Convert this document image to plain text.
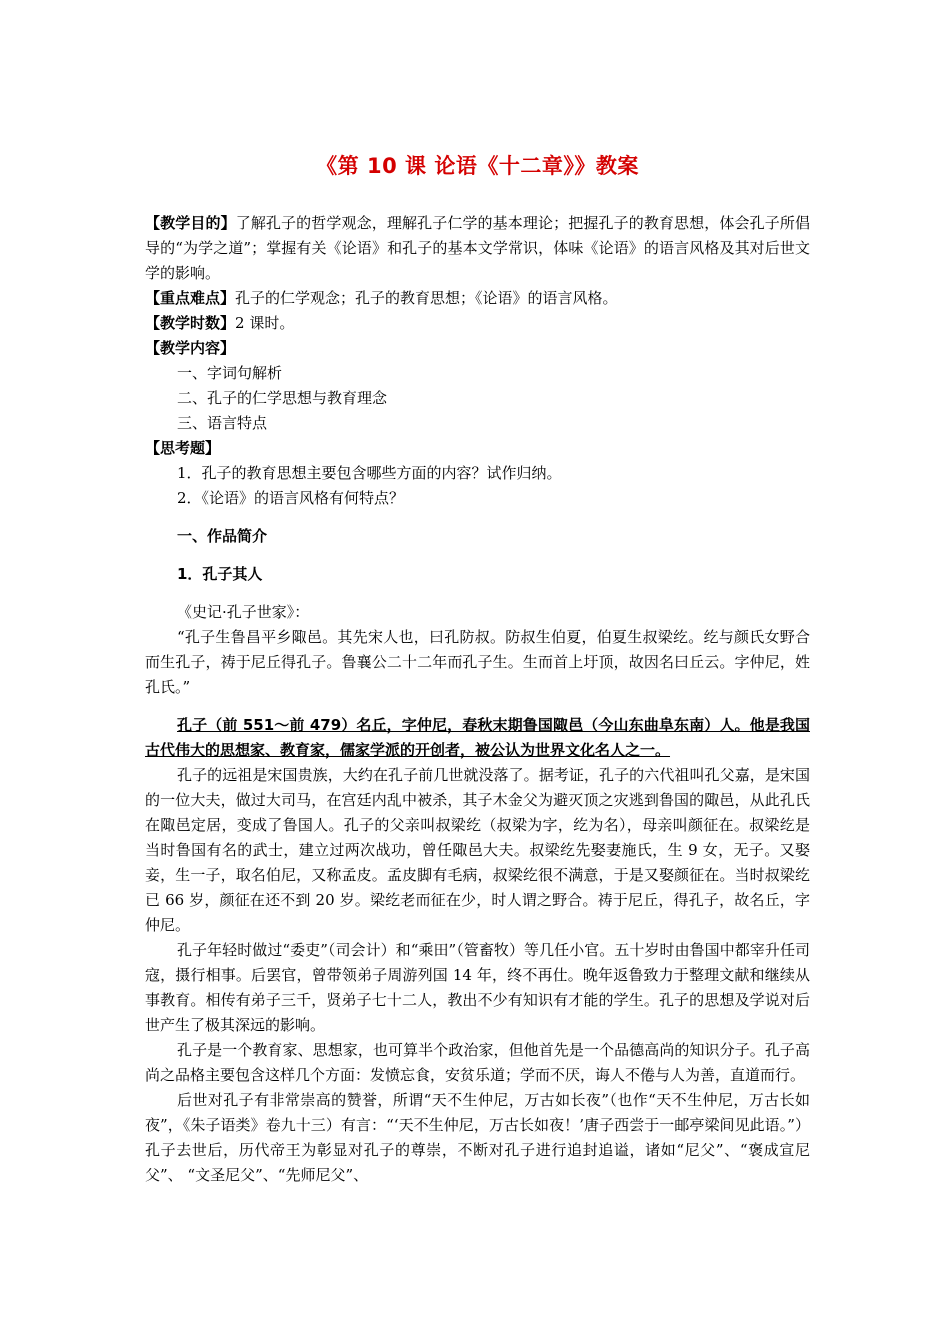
《第 10 课 论语《十二章》》教案

【教学目的】了解孔子的哲学观念，理解孔子仁学的基本理论；把握孔子的教育思想，体会孔子所倡导的“为学之道”；掌握有关《论语》和孔子的基本文学常识，体味《论语》的语言风格及其对后世文学的影响。

【重点难点】孔子的仁学观念；孔子的教育思想；《论语》的语言风格。

【教学时数】2 课时。

【教学内容】

一、字词句解析

二、孔子的仁学思想与教育理念

三、语言特点

【思考题】

1．孔子的教育思想主要包含哪些方面的内容？试作归纳。

2．《论语》的语言风格有何特点？

一、作品简介

1．孔子其人

《史记·孔子世家》：

“孔子生鲁昌平乡陬邑。其先宋人也，曰孔防叔。防叔生伯夏，伯夏生叔梁纥。纥与颜氏女野合而生孔子，祷于尼丘得孔子。鲁襄公二十二年而孔子生。生而首上圩顶，故因名曰丘云。字仲尼，姓孔氏。”

孔子（前 551～前 479）名丘，字仲尼，春秋末期鲁国陬邑（今山东曲阜东南）人。他是我国古代伟大的思想家、教育家，儒家学派的开创者，被公认为世界文化名人之一。

孔子的远祖是宋国贵族，大约在孔子前几世就没落了。据考证，孔子的六代祖叫孔父嘉，是宋国的一位大夫，做过大司马，在宫廷内乱中被杀，其子木金父为避灭顶之灾逃到鲁国的陬邑，从此孔氏在陬邑定居，变成了鲁国人。孔子的父亲叫叔梁纥（叔梁为字，纥为名），母亲叫颜征在。叔梁纥是当时鲁国有名的武士，建立过两次战功，曾任陬邑大夫。叔梁纥先娶妻施氏，生 9 女，无子。又娶妾，生一子，取名伯尼，又称孟皮。孟皮脚有毛病，叔梁纥很不满意，于是又娶颜征在。当时叔梁纥已 66 岁，颜征在还不到 20 岁。梁纥老而征在少，时人谓之野合。祷于尼丘，得孔子，故名丘，字仲尼。

孔子年轻时做过“委吏”（司会计）和“乘田”（管畜牧）等几任小官。五十岁时由鲁国中都宰升任司寇，摄行相事。后罢官，曾带领弟子周游列国 14 年，终不再仕。晚年返鲁致力于整理文献和继续从事教育。相传有弟子三千，贤弟子七十二人，教出不少有知识有才能的学生。孔子的思想及学说对后世产生了极其深远的影响。

孔子是一个教育家、思想家，也可算半个政治家，但他首先是一个品德高尚的知识分子。孔子高尚之品格主要包含这样几个方面：发愤忘食，安贫乐道；学而不厌，诲人不倦与人为善，直道而行。

后世对孔子有非常崇高的赞誉，所谓“天不生仲尼，万古如长夜”（也作“天不生仲尼，万古长如夜”，《朱子语类》卷九十三）有言：“‘天不生仲尼，万古长如夜！’唐子西尝于一邮亭梁间见此语。”）孔子去世后，历代帝王为彰显对孔子的尊崇，不断对孔子进行追封追谥，诸如“尼父”、“褒成宣尼父”、 “文圣尼父”、“先师尼父”、
